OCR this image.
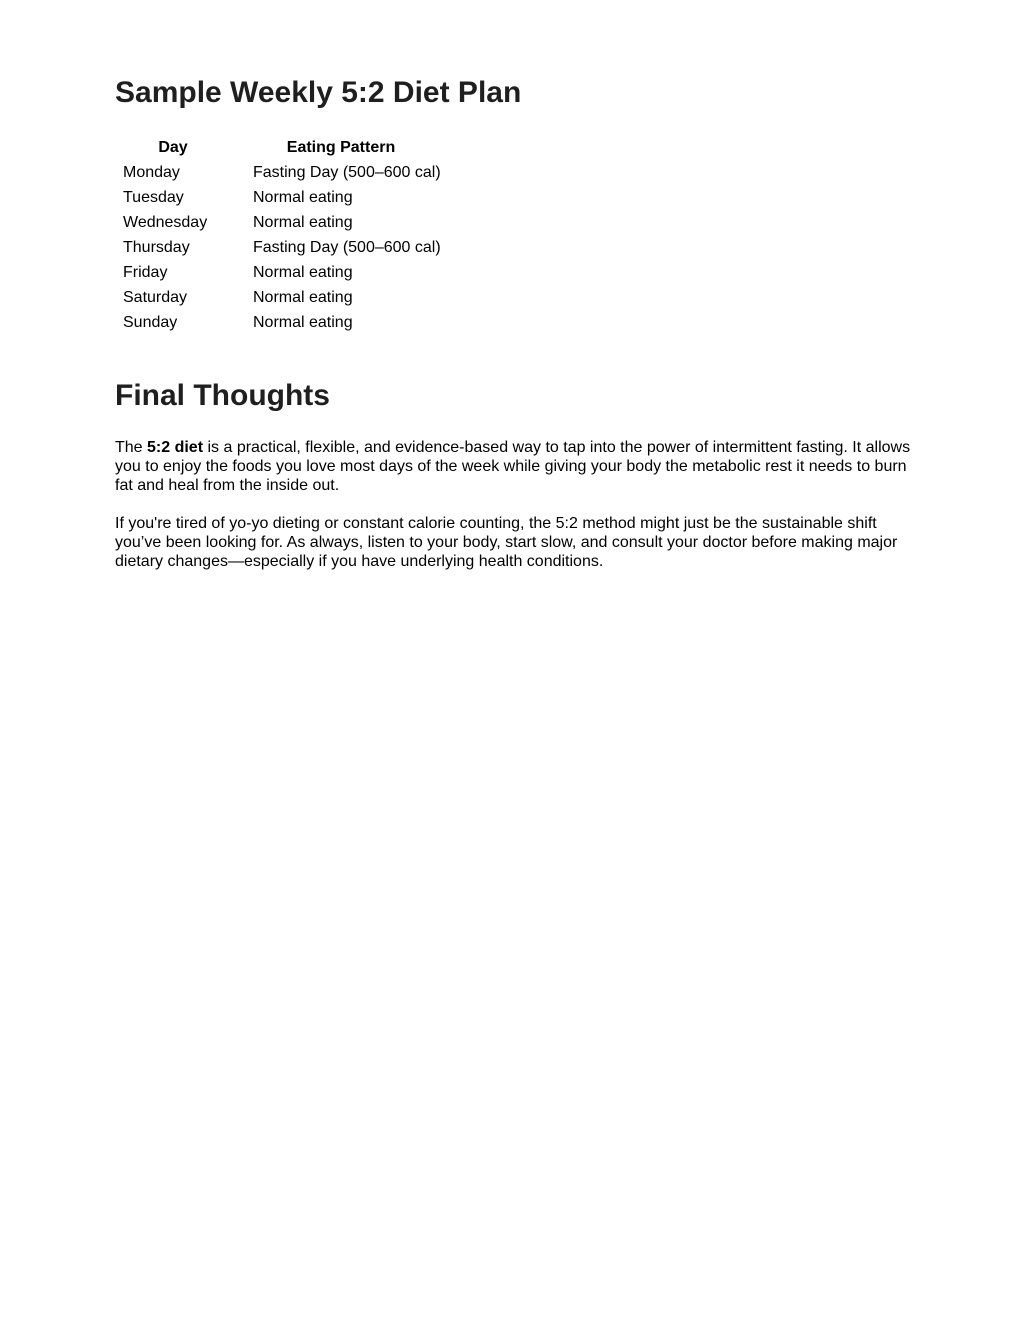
Sample Weekly 5:2 Diet Plan
Day	Eating Pattern
Monday	Fasting Day (500–600 cal)
Tuesday	Normal eating
Wednesday	Normal eating
Thursday	Fasting Day (500–600 cal)
Friday	Normal eating
Saturday	Normal eating
Sunday	Normal eating
Final Thoughts

The 5:2 diet is a practical, flexible, and evidence-based way to tap into the power of intermittent fasting. It allows you to enjoy the foods you love most days of the week while giving your body the metabolic rest it needs to burn fat and heal from the inside out.

If you're tired of yo-yo dieting or constant calorie counting, the 5:2 method might just be the sustainable shift you’ve been looking for. As always, listen to your body, start slow, and consult your doctor before making major dietary changes—especially if you have underlying health conditions.
